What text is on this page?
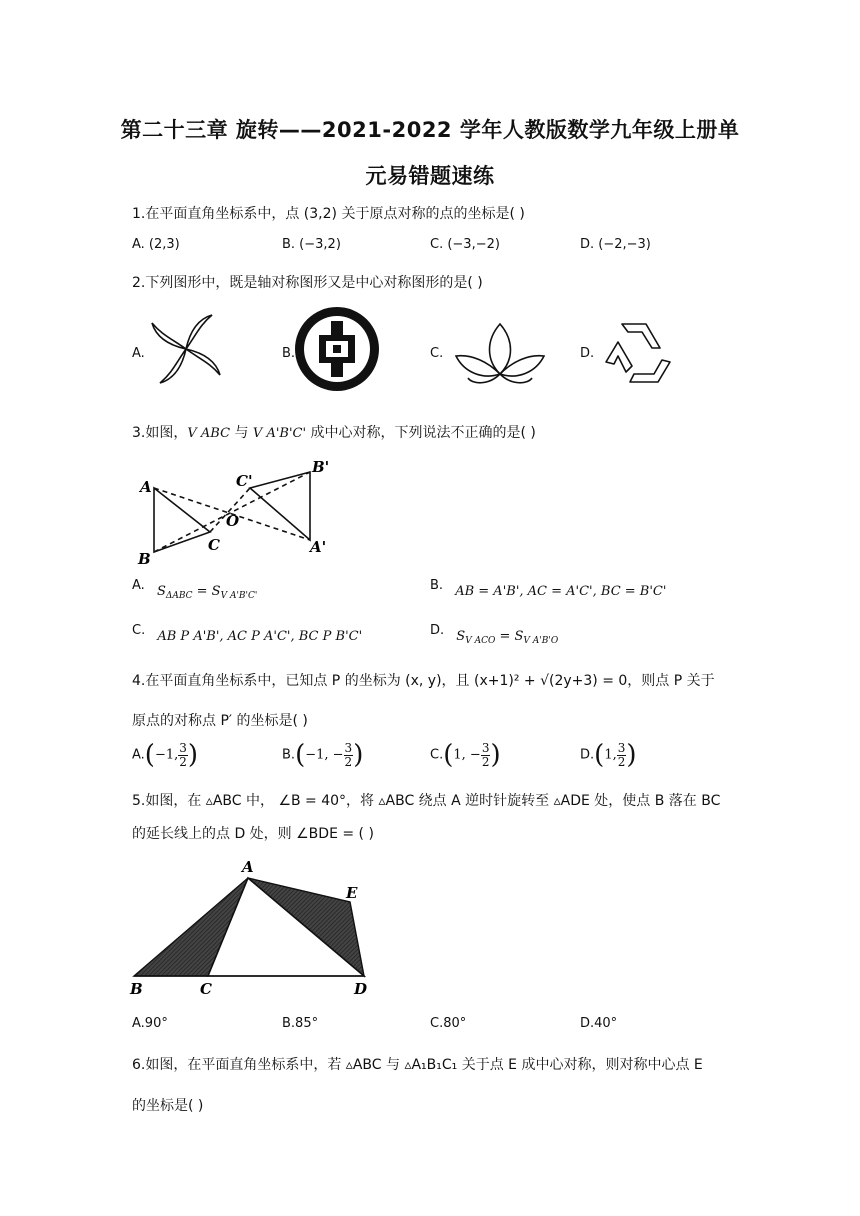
第二十三章 旋转——2021-2022 学年人教版数学九年级上册单
元易错题速练
1.在平面直角坐标系中，点 (3,2) 关于原点对称的点的坐标是( )
A. (2,3)	B. (−3,2)	C. (−3,−2)	D. (−2,−3)
2.下列图形中，既是轴对称图形又是中心对称图形的是( )
A.	B.	C.	D.
3.如图，V ABC 与 V A'B'C' 成中心对称，下列说法不正确的是( )
A
B
C
O
C'
B'
A'
A. $S_{\Delta ABC} = S_{V A'B'C'}$
B. AB = A'B', AC = A'C', BC = B'C'
C. AB P A'B', AC P A'C', BC P B'C'	D. $S_{V ACO} = S_{V A'B'O}$
4.在平面直角坐标系中，已知点 P 的坐标为 (x, y)，且 (x+1)² + √(2y+3) = 0，则点 P 关于
原点的对称点 P′ 的坐标是( )
A.(−1, $\frac{3}{2}$ )	B.(−1, − $\frac{3}{2}$ )	C.(1, − $\frac{3}{2}$ )	D.(1, $\frac{3}{2}$ )
5.如图，在 ▵ABC 中， ∠B = 40°，将 ▵ABC 绕点 A 逆时针旋转至 ▵ADE 处，使点 B 落在 BC
的延长线上的点 D 处，则 ∠BDE = ( )
A
B	C	D
E
A.90°	B.85°	C.80°	D.40°
6.如图，在平面直角坐标系中，若 ▵ABC 与 ▵A₁B₁C₁ 关于点 E 成中心对称，则对称中心点 E
的坐标是( )
